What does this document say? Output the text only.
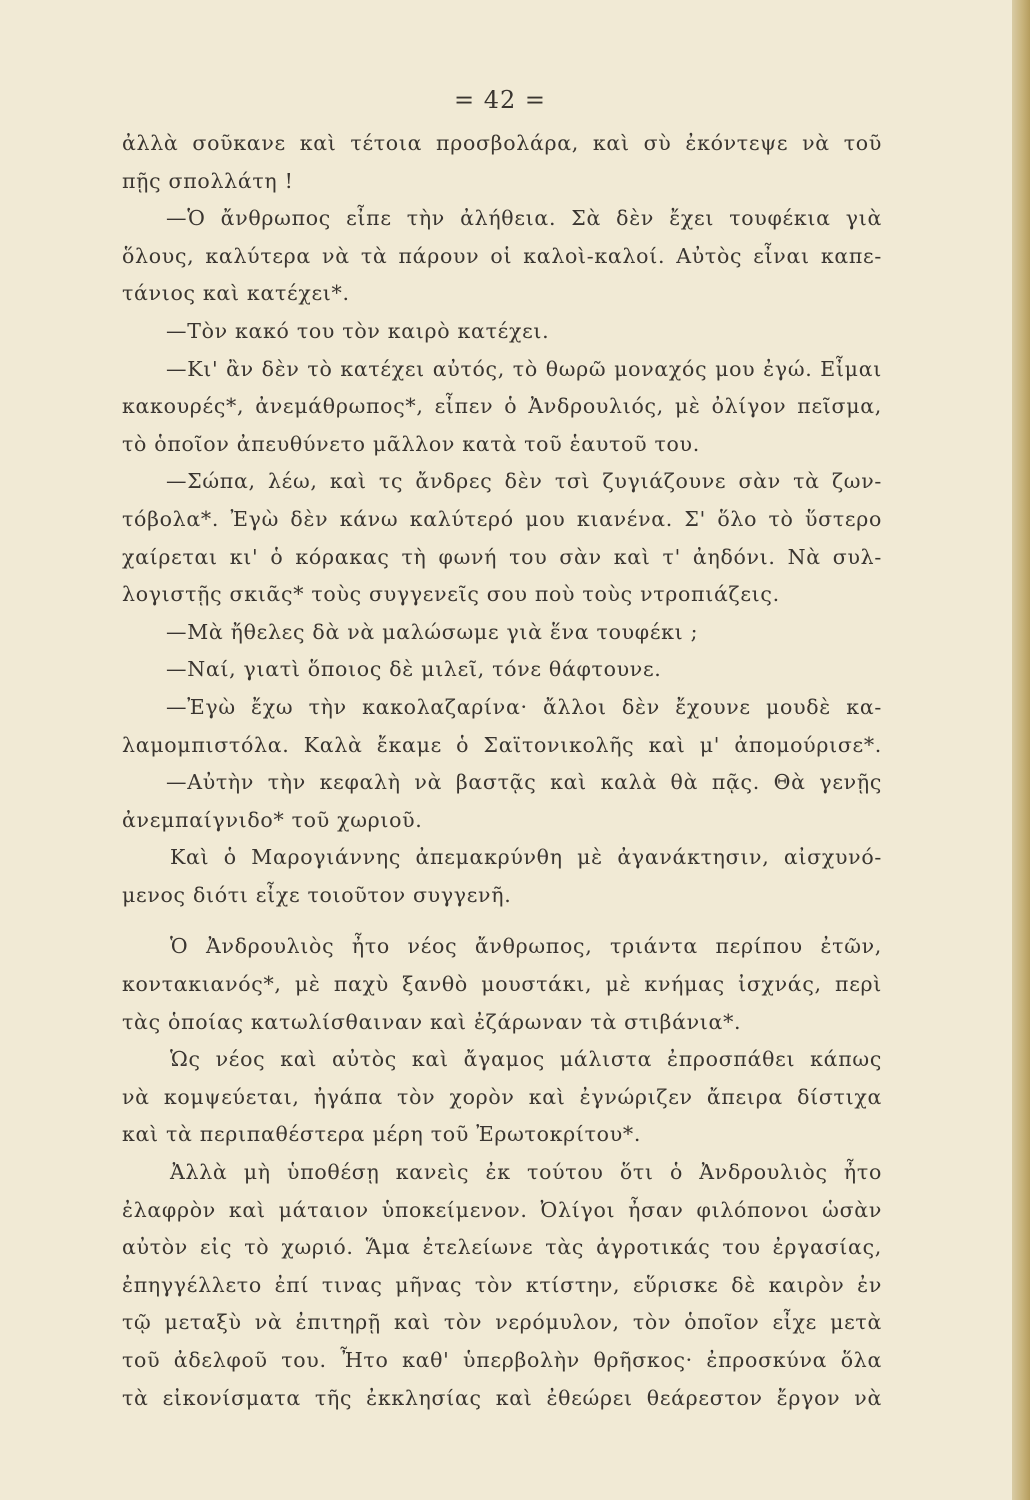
= 42 =
ἀλλὰ σοῦκανε καὶ τέτοια προσβολάρα, καὶ σὺ ἐκόντεψε νὰ τοῦ
πῇς σπολλάτη !
—Ὁ ἄνθρωπος εἶπε τὴν ἀλήθεια. Σὰ δὲν ἔχει τουφέκια γιὰ
ὅλους, καλύτερα νὰ τὰ πάρουν οἱ καλοὶ-καλοί. Αὐτὸς εἶναι καπε-
τάνιος καὶ κατέχει*.
—Τὸν κακό του τὸν καιρὸ κατέχει.
—Κι' ἂν δὲν τὸ κατέχει αὐτός, τὸ θωρῶ μοναχός μου ἐγώ. Εἶμαι
κακουρές*, ἀνεμάθρωπος*, εἶπεν ὁ Ἀνδρουλιός, μὲ ὀλίγον πεῖσμα,
τὸ ὁποῖον ἀπευθύνετο μᾶλλον κατὰ τοῦ ἑαυτοῦ του.
—Σώπα, λέω, καὶ τς ἄνδρες δὲν τσὶ ζυγιάζουνε σὰν τὰ ζων-
τόβολα*. Ἐγὼ δὲν κάνω καλύτερό μου κιανένα. Σ' ὅλο τὸ ὕστερο
χαίρεται κι' ὁ κόρακας τὴ φωνή του σὰν καὶ τ' ἀηδόνι. Νὰ συλ-
λογιστῇς σκιᾶς* τοὺς συγγενεῖς σου ποὺ τοὺς ντροπιάζεις.
—Μὰ ἤθελες δὰ νὰ μαλώσωμε γιὰ ἕνα τουφέκι ;
—Ναί, γιατὶ ὅποιος δὲ μιλεῖ, τόνε θάφτουνε.
—Ἐγὼ ἔχω τὴν κακολαζαρίνα· ἄλλοι δὲν ἔχουνε μουδὲ κα-
λαμομπιστόλα. Καλὰ ἔκαμε ὁ Σαϊτονικολῆς καὶ μ' ἀπομούρισε*.
—Αὐτὴν τὴν κεφαλὴ νὰ βαστᾷς καὶ καλὰ θὰ πᾷς. Θὰ γενῇς
ἀνεμπαίγνιδο* τοῦ χωριοῦ.
Καὶ ὁ Μαρογιάννης ἀπεμακρύνθη μὲ ἀγανάκτησιν, αἰσχυνό-
μενος διότι εἶχε τοιοῦτον συγγενῆ.
Ὁ Ἀνδρουλιὸς ἦτο νέος ἄνθρωπος, τριάντα περίπου ἐτῶν,
κοντακιανός*, μὲ παχὺ ξανθὸ μουστάκι, μὲ κνήμας ἰσχνάς, περὶ
τὰς ὁποίας κατωλίσθαιναν καὶ ἐζάρωναν τὰ στιβάνια*.
Ὡς νέος καὶ αὐτὸς καὶ ἄγαμος μάλιστα ἐπροσπάθει κάπως
νὰ κομψεύεται, ἠγάπα τὸν χορὸν καὶ ἐγνώριζεν ἄπειρα δίστιχα
καὶ τὰ περιπαθέστερα μέρη τοῦ Ἐρωτοκρίτου*.
Ἀλλὰ μὴ ὑποθέσῃ κανεὶς ἐκ τούτου ὅτι ὁ Ἀνδρουλιὸς ἦτο
ἐλαφρὸν καὶ μάταιον ὑποκείμενον. Ὀλίγοι ἦσαν φιλόπονοι ὡσὰν
αὐτὸν εἰς τὸ χωριό. Ἅμα ἐτελείωνε τὰς ἀγροτικάς του ἐργασίας,
ἐπηγγέλλετο ἐπί τινας μῆνας τὸν κτίστην, εὕρισκε δὲ καιρὸν ἐν
τῷ μεταξὺ νὰ ἐπιτηρῇ καὶ τὸν νερόμυλον, τὸν ὁποῖον εἶχε μετὰ
τοῦ ἀδελφοῦ του. Ἦτο καθ' ὑπερβολὴν θρῆσκος· ἐπροσκύνα ὅλα
τὰ εἰκονίσματα τῆς ἐκκλησίας καὶ ἐθεώρει θεάρεστον ἔργον νὰ
